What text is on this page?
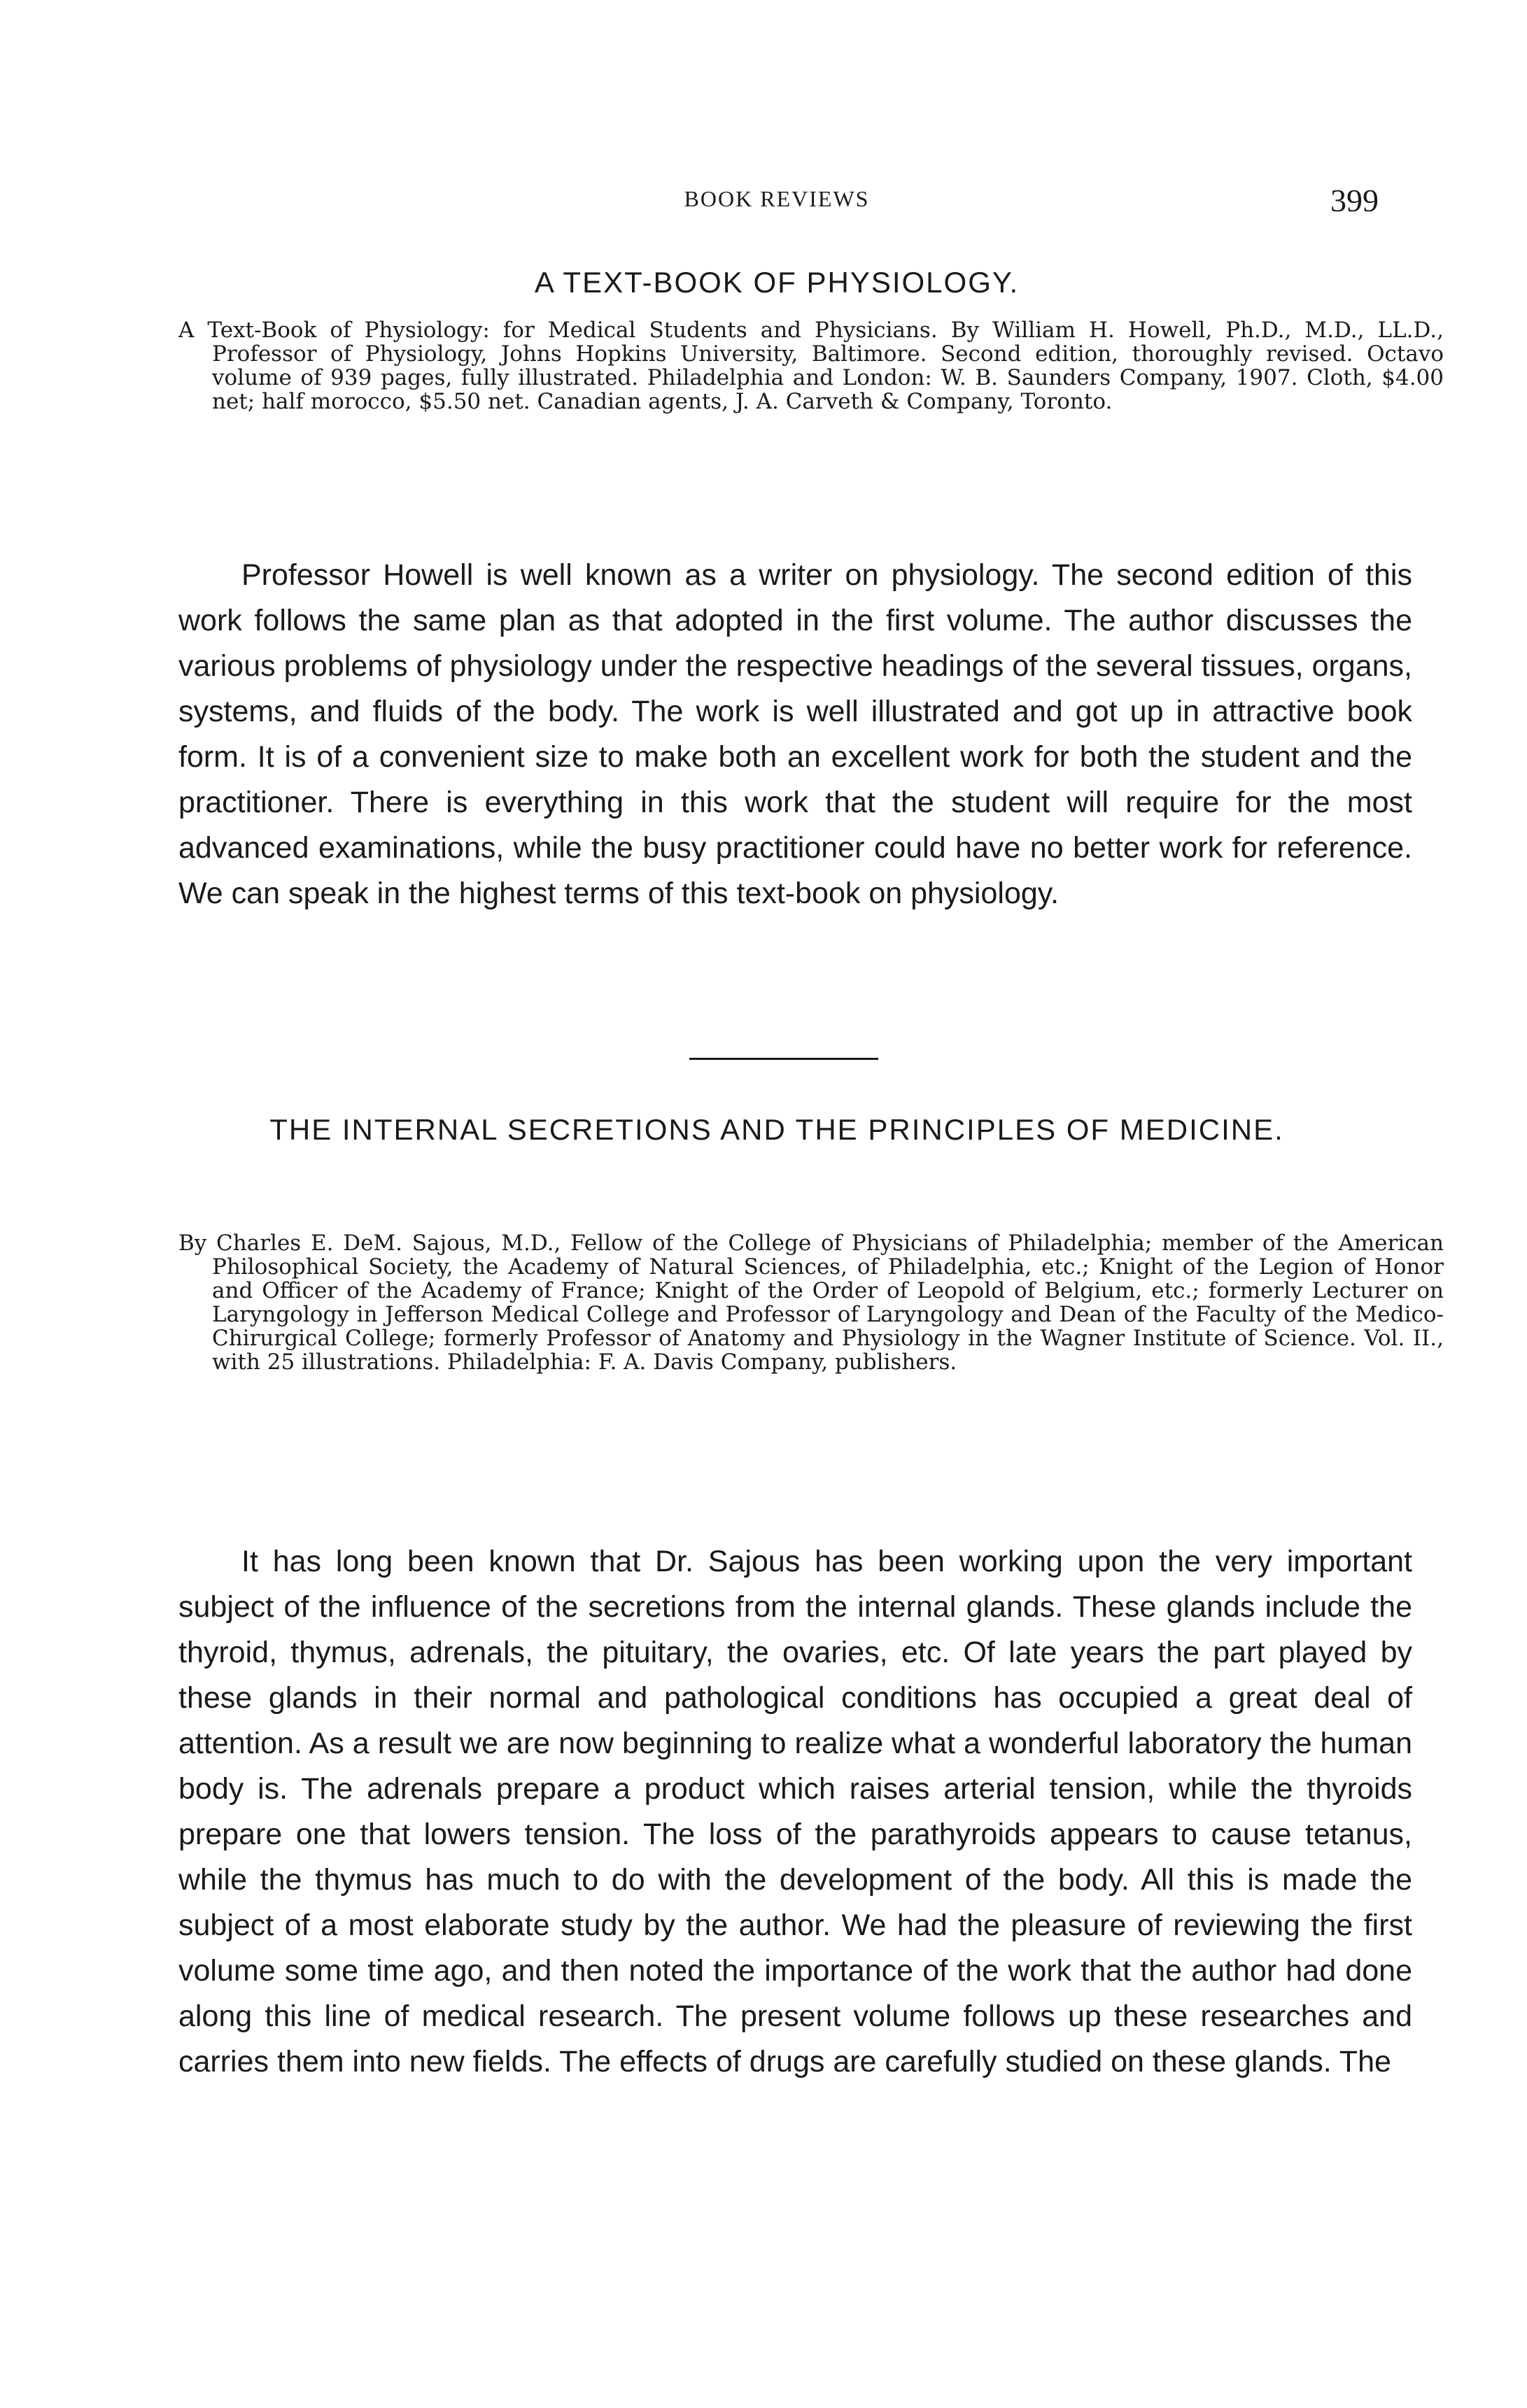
BOOK REVIEWS	399
A TEXT-BOOK OF PHYSIOLOGY.

A Text-Book of Physiology: for Medical Students and Physicians. By William H. Howell, Ph.D., M.D., LL.D., Professor of Physiology, Johns Hopkins University, Baltimore. Second edition, thoroughly revised. Octavo volume of 939 pages, fully illustrated. Philadelphia and London: W. B. Saunders Company, 1907. Cloth, $4.00 net; half morocco, $5.50 net. Canadian agents, J. A. Carveth & Company, Toronto.

Professor Howell is well known as a writer on physiology. The second edition of this work follows the same plan as that adopted in the first volume. The author discusses the various problems of physiology under the respective headings of the several tissues, organs, systems, and fluids of the body. The work is well illustrated and got up in attractive book form. It is of a convenient size to make both an excellent work for both the student and the practitioner. There is everything in this work that the student will require for the most advanced examinations, while the busy practitioner could have no better work for reference. We can speak in the highest terms of this text-book on physiology.

THE INTERNAL SECRETIONS AND THE PRINCIPLES OF MEDICINE.

By Charles E. DeM. Sajous, M.D., Fellow of the College of Physicians of Philadelphia; member of the American Philosophical Society, the Academy of Natural Sciences, of Philadelphia, etc.; Knight of the Legion of Honor and Officer of the Academy of France; Knight of the Order of Leopold of Belgium, etc.; formerly Lecturer on Laryngology in Jefferson Medical College and Professor of Laryngology and Dean of the Faculty of the Medico-Chirurgical College; formerly Professor of Anatomy and Physiology in the Wagner Institute of Science. Vol. II., with 25 illustrations. Philadelphia: F. A. Davis Company, publishers.

It has long been known that Dr. Sajous has been working upon the very important subject of the influence of the secretions from the internal glands. These glands include the thyroid, thymus, adrenals, the pituitary, the ovaries, etc. Of late years the part played by these glands in their normal and pathological conditions has occupied a great deal of attention. As a result we are now beginning to realize what a wonderful laboratory the human body is. The adrenals prepare a product which raises arterial tension, while the thyroids prepare one that lowers tension. The loss of the parathyroids appears to cause tetanus, while the thymus has much to do with the development of the body. All this is made the subject of a most elaborate study by the author. We had the pleasure of reviewing the first volume some time ago, and then noted the importance of the work that the author had done along this line of medical research. The present volume follows up these researches and carries them into new fields. The effects of drugs are carefully studied on these glands. The
